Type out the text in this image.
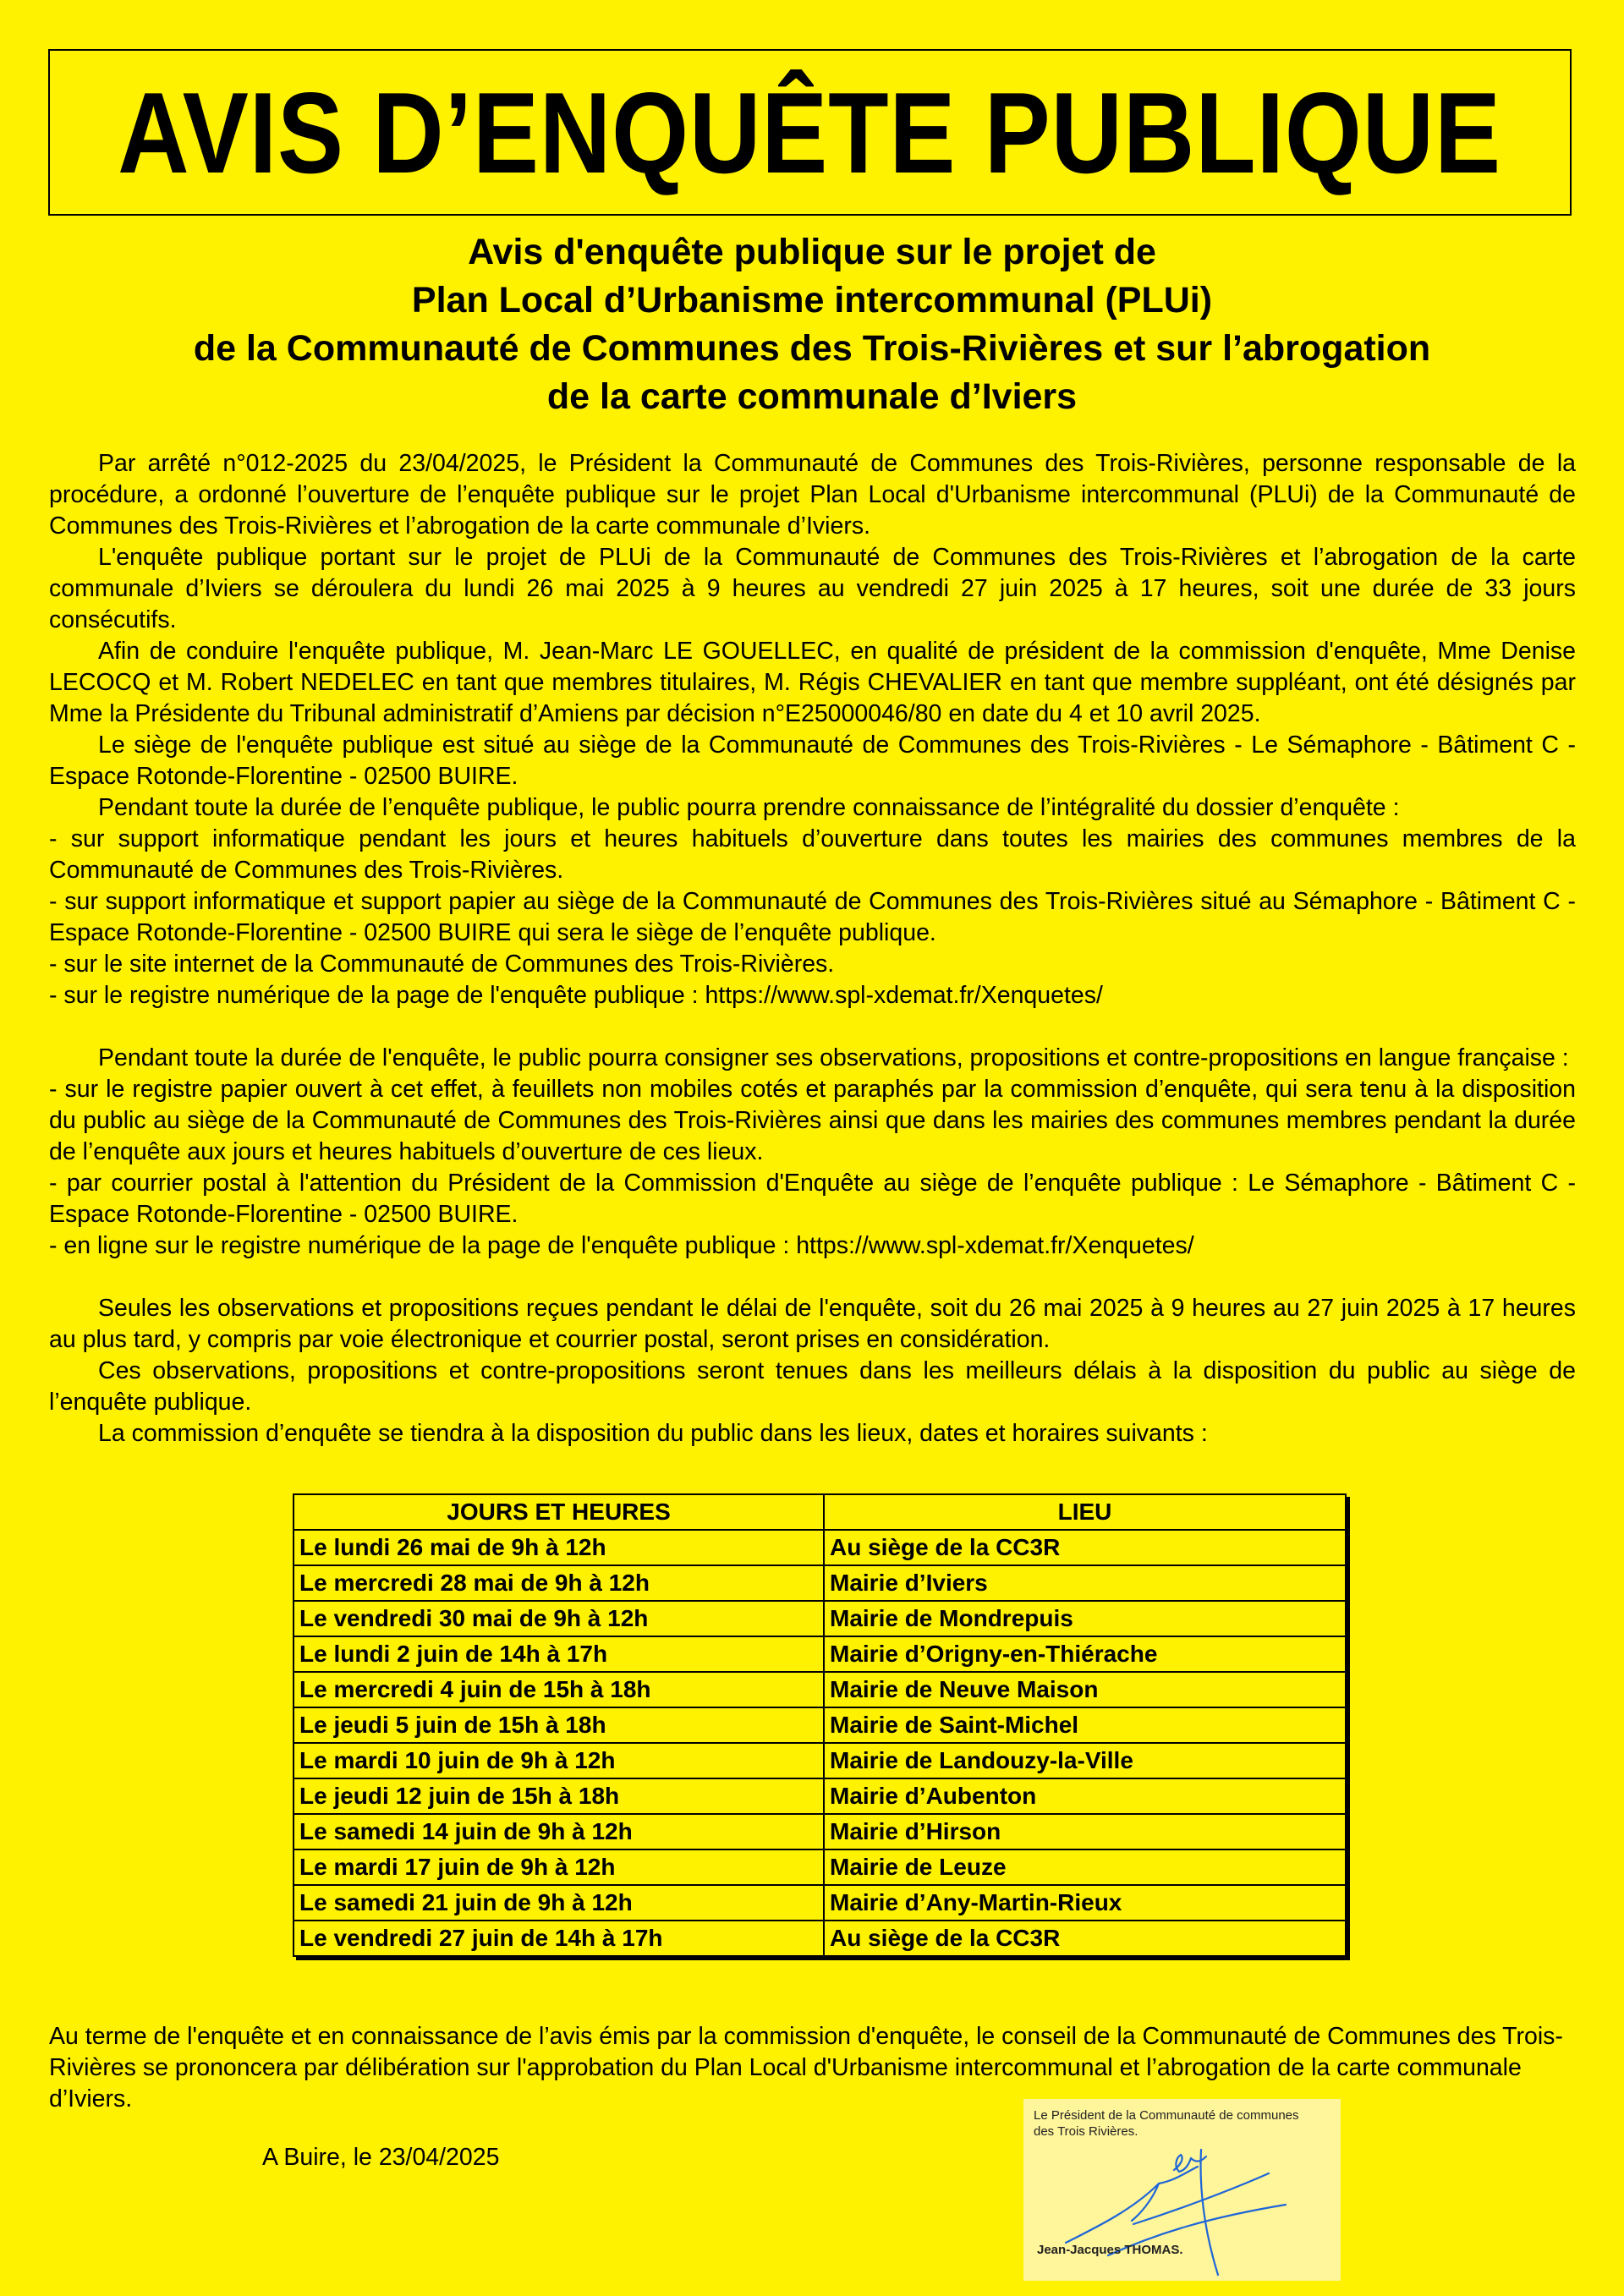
AVIS D’ENQUÊTE PUBLIQUE
Avis d'enquête publique sur le projet de
Plan Local d’Urbanisme intercommunal (PLUi)
de la Communauté de Communes des Trois-Rivières et sur l’abrogation
de la carte communale d’Iviers

Par arrêté n°012-2025 du 23/04/2025, le Président la Communauté de Communes des Trois-Rivières, personne responsable de la procédure, a ordonné l’ouverture de l’enquête publique sur le projet Plan Local d'Urbanisme intercommunal (PLUi) de la Communauté de Communes des Trois-Rivières et l’abrogation de la carte communale d’Iviers.

L'enquête publique portant sur le projet de PLUi de la Communauté de Communes des Trois-Rivières et l’abrogation de la carte communale d’Iviers se déroulera du lundi 26 mai 2025 à 9 heures au vendredi 27 juin 2025 à 17 heures, soit une durée de 33 jours consécutifs.

Afin de conduire l'enquête publique, M. Jean-Marc LE GOUELLEC, en qualité de président de la commission d'enquête, Mme Denise LECOCQ et M. Robert NEDELEC en tant que membres titulaires, M. Régis CHEVALIER en tant que membre suppléant, ont été désignés par Mme la Présidente du Tribunal administratif d’Amiens par décision n°E25000046/80 en date du 4 et 10 avril 2025.

Le siège de l'enquête publique est situé au siège de la Communauté de Communes des Trois-Rivières - Le Sémaphore - Bâtiment C - Espace Rotonde-Florentine - 02500 BUIRE.

Pendant toute la durée de l’enquête publique, le public pourra prendre connaissance de l’intégralité du dossier d’enquête :

- sur support informatique pendant les jours et heures habituels d’ouverture dans toutes les mairies des communes membres de la Communauté de Communes des Trois-Rivières.

- sur support informatique et support papier au siège de la Communauté de Communes des Trois-Rivières situé au Sémaphore - Bâtiment C - Espace Rotonde-Florentine - 02500 BUIRE qui sera le siège de l’enquête publique.

- sur le site internet de la Communauté de Communes des Trois-Rivières.

- sur le registre numérique de la page de l'enquête publique : https://www.spl-xdemat.fr/Xenquetes/

Pendant toute la durée de l'enquête, le public pourra consigner ses observations, propositions et contre-propositions en langue française :

- sur le registre papier ouvert à cet effet, à feuillets non mobiles cotés et paraphés par la commission d’enquête, qui sera tenu à la disposition du public au siège de la Communauté de Communes des Trois-Rivières ainsi que dans les mairies des communes membres pendant la durée de l’enquête aux jours et heures habituels d’ouverture de ces lieux.

- par courrier postal à l'attention du Président de la Commission d'Enquête au siège de l’enquête publique : Le Sémaphore - Bâtiment C - Espace Rotonde-Florentine - 02500 BUIRE.

- en ligne sur le registre numérique de la page de l'enquête publique : https://www.spl-xdemat.fr/Xenquetes/

Seules les observations et propositions reçues pendant le délai de l'enquête, soit du 26 mai 2025 à 9 heures au 27 juin 2025 à 17 heures au plus tard, y compris par voie électronique et courrier postal, seront prises en considération.

Ces observations, propositions et contre-propositions seront tenues dans les meilleurs délais à la disposition du public au siège de l’enquête publique.

La commission d’enquête se tiendra à la disposition du public dans les lieux, dates et horaires suivants :

JOURS ET HEURES	LIEU
Le lundi 26 mai de 9h à 12h	Au siège de la CC3R
Le mercredi 28 mai de 9h à 12h	Mairie d’Iviers
Le vendredi 30 mai de 9h à 12h	Mairie de Mondrepuis
Le lundi 2 juin de 14h à 17h	Mairie d’Origny-en-Thiérache
Le mercredi 4 juin de 15h à 18h	Mairie de Neuve Maison
Le jeudi 5 juin de 15h à 18h	Mairie de Saint-Michel
Le mardi 10 juin de 9h à 12h	Mairie de Landouzy-la-Ville
Le jeudi 12 juin de 15h à 18h	Mairie d’Aubenton
Le samedi 14 juin de 9h à 12h	Mairie d’Hirson
Le mardi 17 juin de 9h à 12h	Mairie de Leuze
Le samedi 21 juin de 9h à 12h	Mairie d’Any-Martin-Rieux
Le vendredi 27 juin de 14h à 17h	Au siège de la CC3R

Au terme de l'enquête et en connaissance de l’avis émis par la commission d'enquête, le conseil de la Communauté de Communes des Trois-Rivières se prononcera par délibération sur l'approbation du Plan Local d'Urbanisme intercommunal et l’abrogation de la carte communale d’Iviers.

A Buire, le 23/04/2025

Le Président de la Communauté de communes
des Trois Rivières.

Jean-Jacques THOMAS.
